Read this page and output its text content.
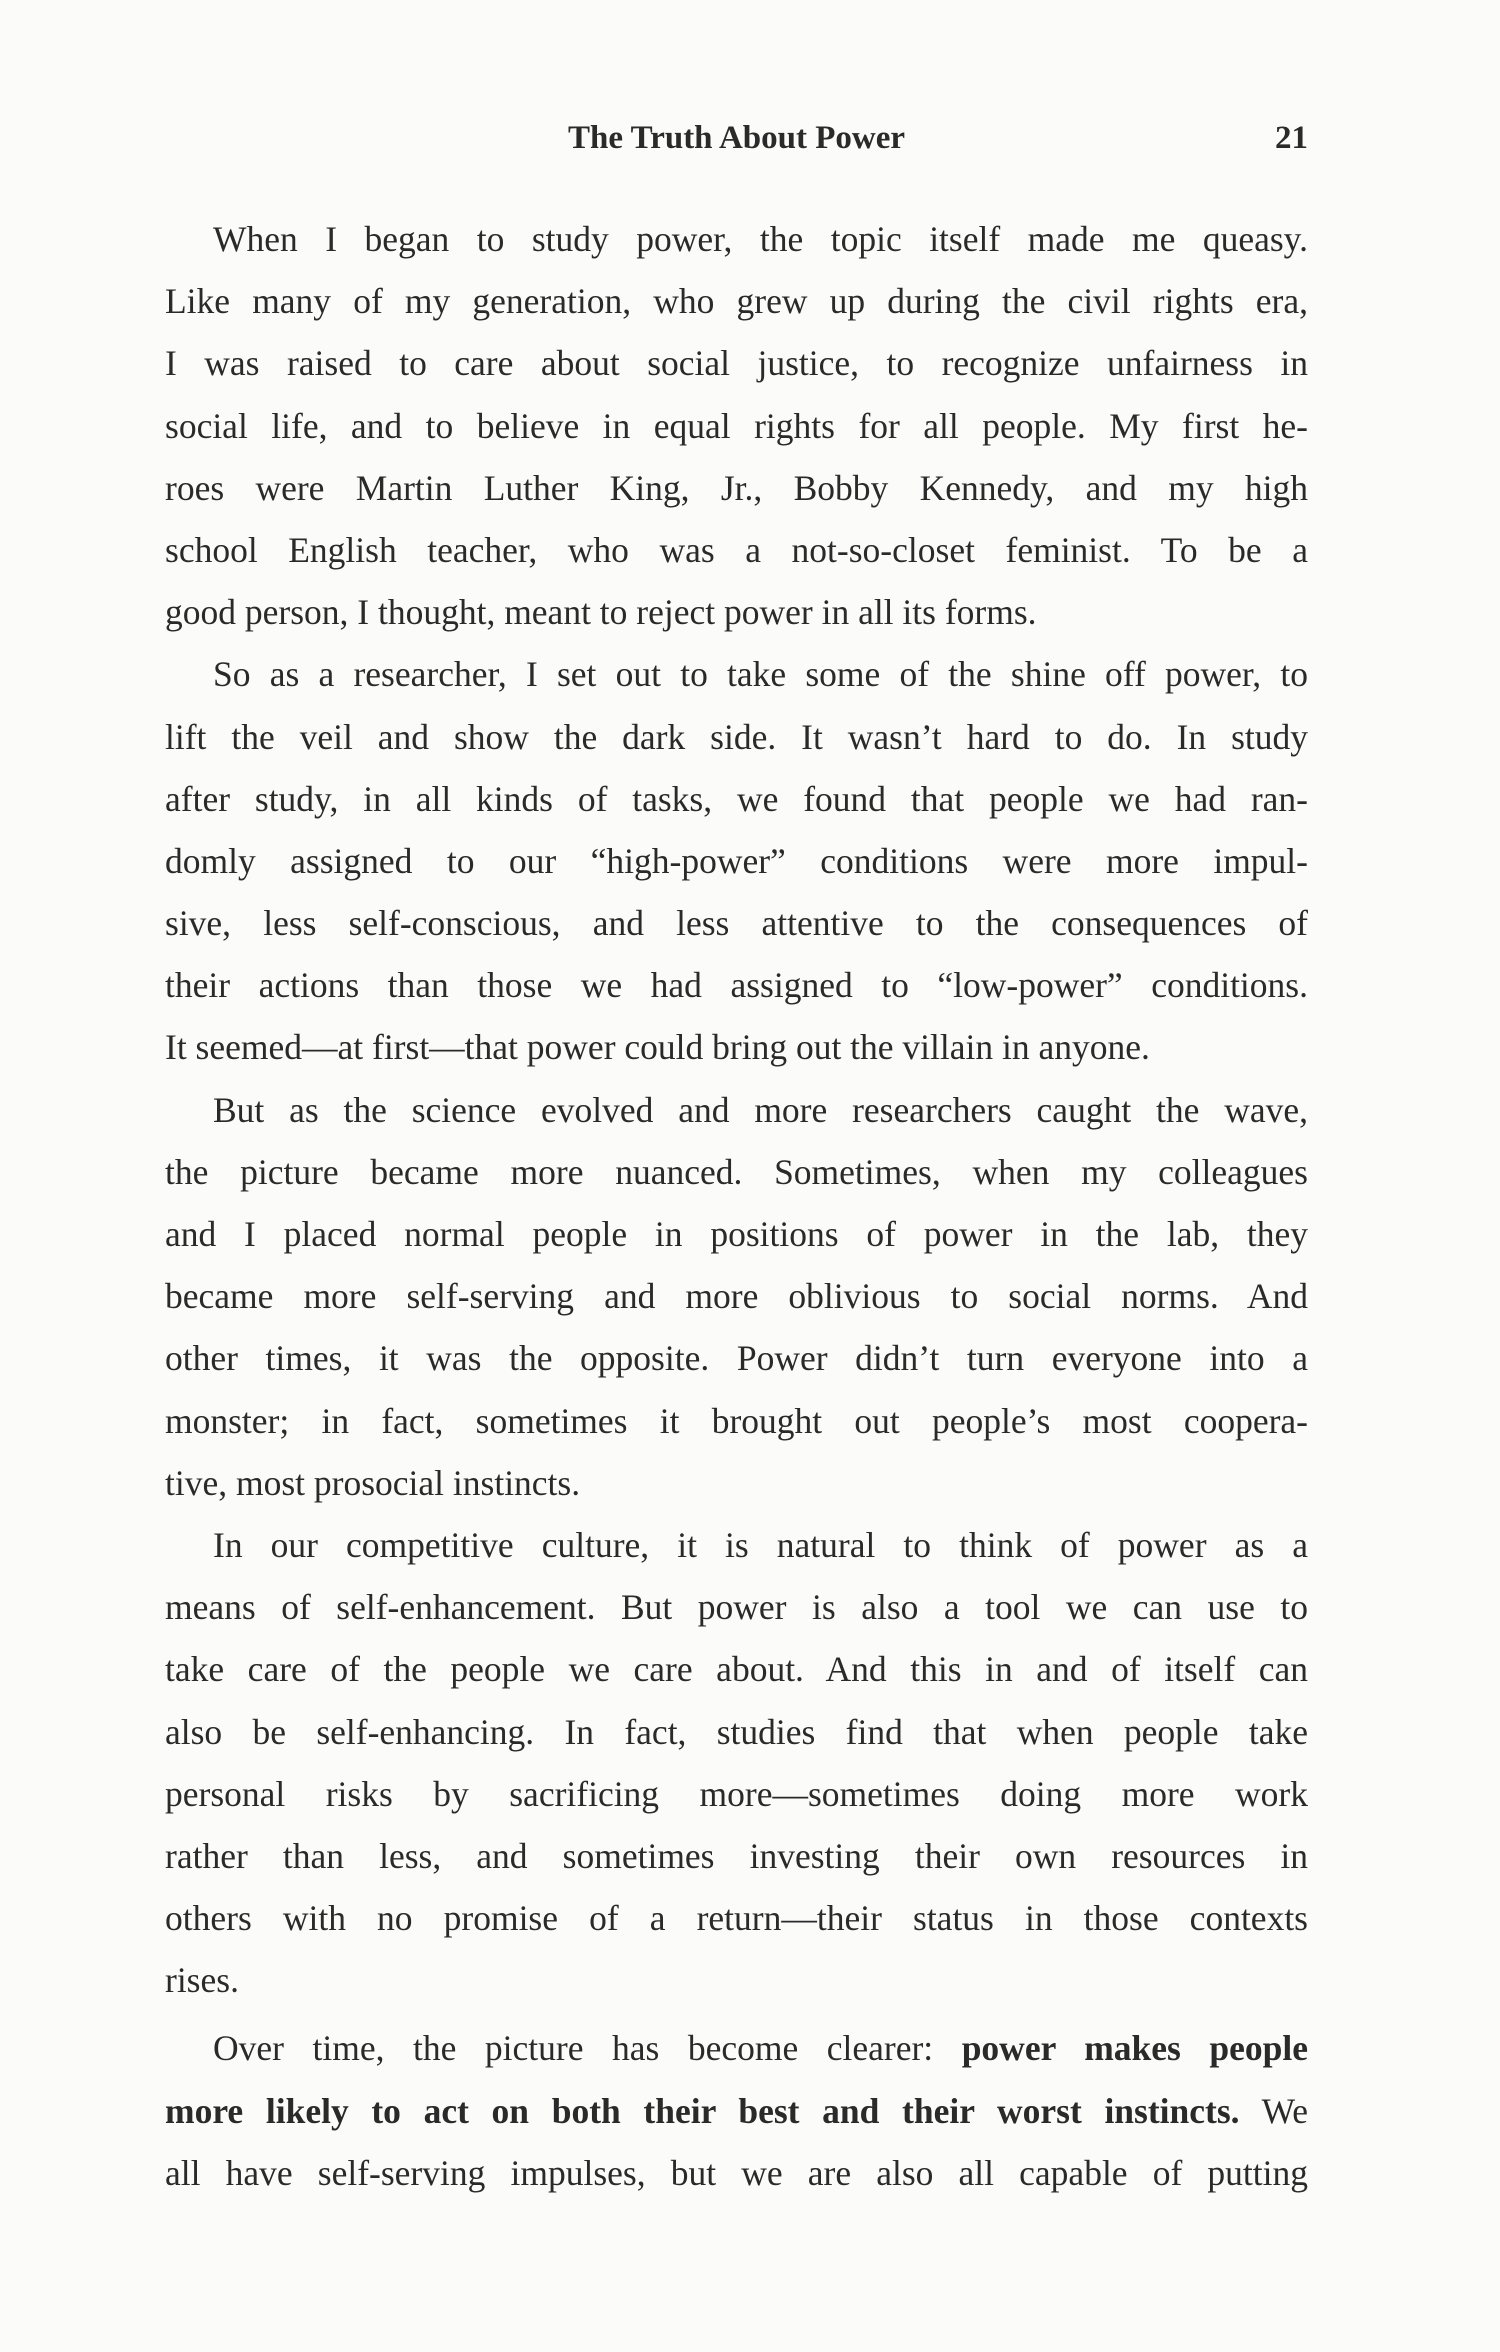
The Truth About Power	21
When I began to study power, the topic itself made me queasy.
Like many of my generation, who grew up during the civil rights era,
I was raised to care about social justice, to recognize unfairness in
social life, and to believe in equal rights for all people. My first he-
roes were Martin Luther King, Jr., Bobby Kennedy, and my high
school English teacher, who was a not-so-closet feminist. To be a
good person, I thought, meant to reject power in all its forms.
So as a researcher, I set out to take some of the shine off power, to
lift the veil and show the dark side. It wasn’t hard to do. In study
after study, in all kinds of tasks, we found that people we had ran-
domly assigned to our “high-power” conditions were more impul-
sive, less self-conscious, and less attentive to the consequences of
their actions than those we had assigned to “low-power” conditions.
It seemed—at first—that power could bring out the villain in anyone.
But as the science evolved and more researchers caught the wave,
the picture became more nuanced. Sometimes, when my colleagues
and I placed normal people in positions of power in the lab, they
became more self-serving and more oblivious to social norms. And
other times, it was the opposite. Power didn’t turn everyone into a
monster; in fact, sometimes it brought out people’s most coopera-
tive, most prosocial instincts.
In our competitive culture, it is natural to think of power as a
means of self-enhancement. But power is also a tool we can use to
take care of the people we care about. And this in and of itself can
also be self-enhancing. In fact, studies find that when people take
personal risks by sacrificing more—sometimes doing more work
rather than less, and sometimes investing their own resources in
others with no promise of a return—their status in those contexts
rises.
Over time, the picture has become clearer: power makes people
more likely to act on both their best and their worst instincts. We
all have self-serving impulses, but we are also all capable of putting
